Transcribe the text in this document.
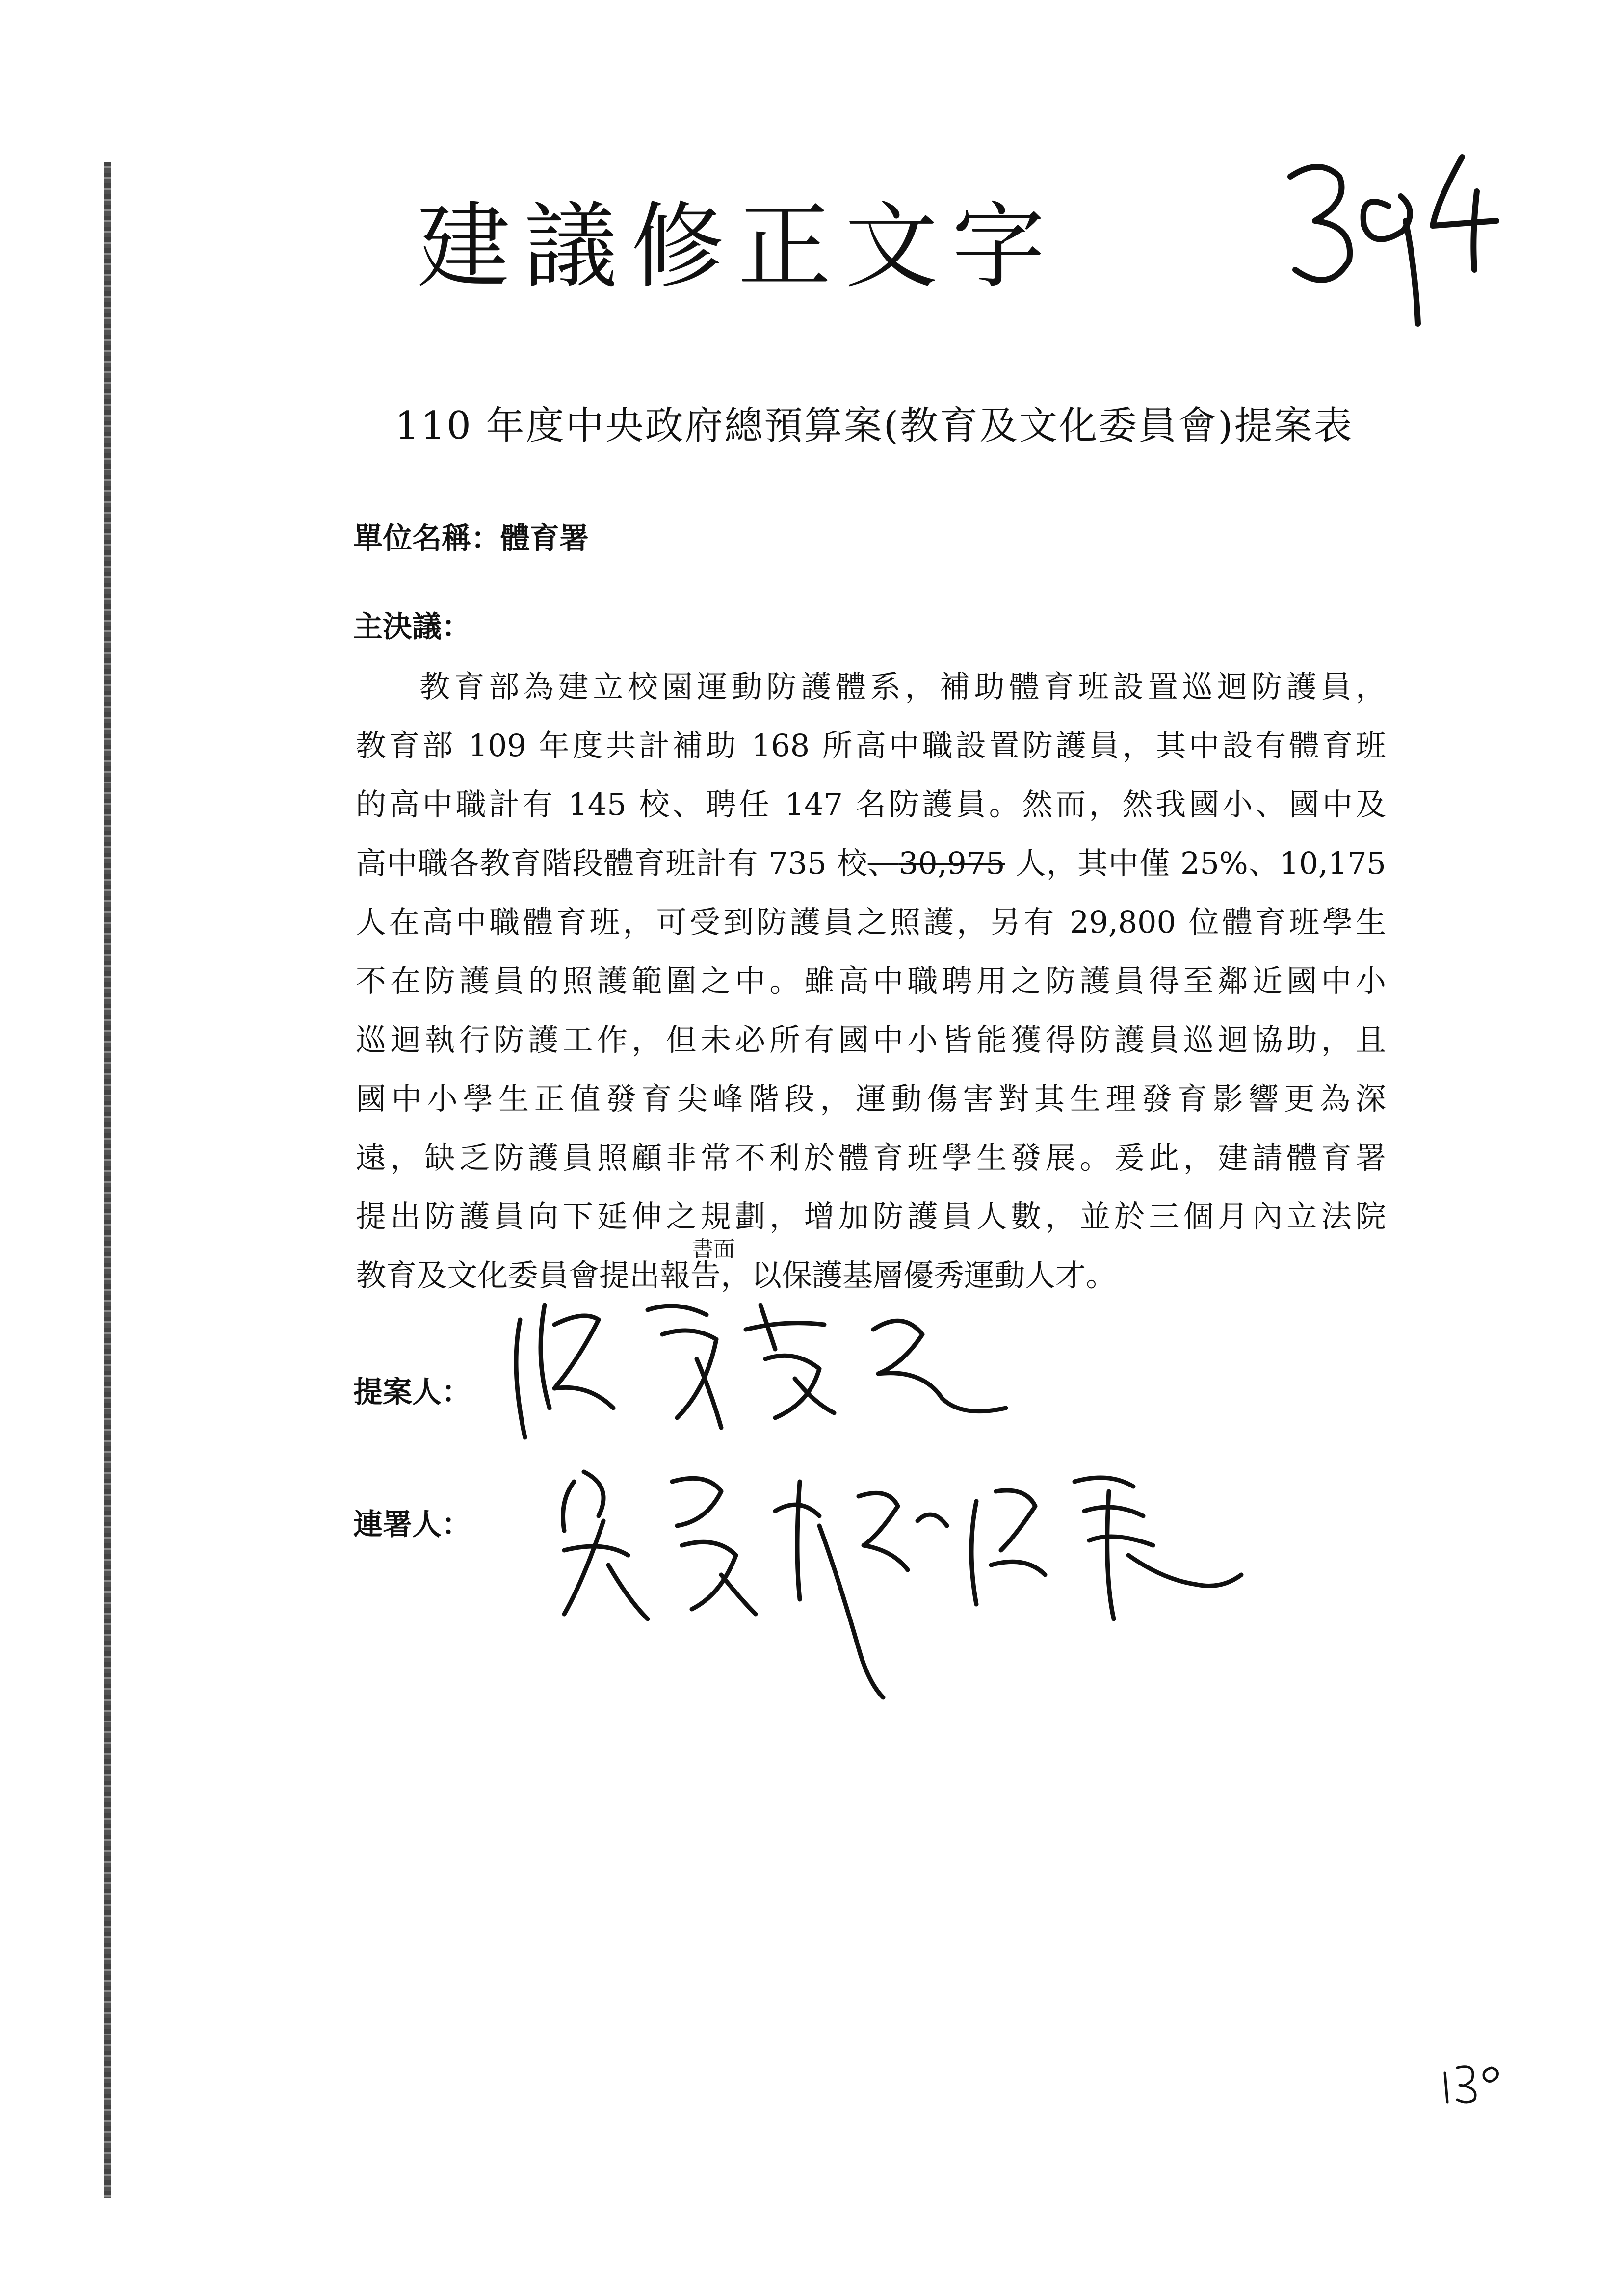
建議修正文字
110 年度中央政府總預算案(教育及文化委員會)提案表
單位名稱：體育署
主決議：
教育部為建立校園運動防護體系，補助體育班設置巡迴防護員，
教育部 109 年度共計補助 168 所高中職設置防護員，其中設有體育班
的高中職計有 145 校、聘任 147 名防護員。然而，然我國小、國中及
高中職各教育階段體育班計有 735 校、30,975 人，其中僅 25%、10,175
人在高中職體育班，可受到防護員之照護，另有 29,800 位體育班學生
不在防護員的照護範圍之中。雖高中職聘用之防護員得至鄰近國中小
巡迴執行防護工作，但未必所有國中小皆能獲得防護員巡迴協助，且
國中小學生正值發育尖峰階段，運動傷害對其生理發育影響更為深
遠，缺乏防護員照顧非常不利於體育班學生發展。爰此，建請體育署
提出防護員向下延伸之規劃，增加防護員人數，並於三個月內立法院
教育及文化委員會提出報告，以保護基層優秀運動人才。
書面
提案人：
連署人：
